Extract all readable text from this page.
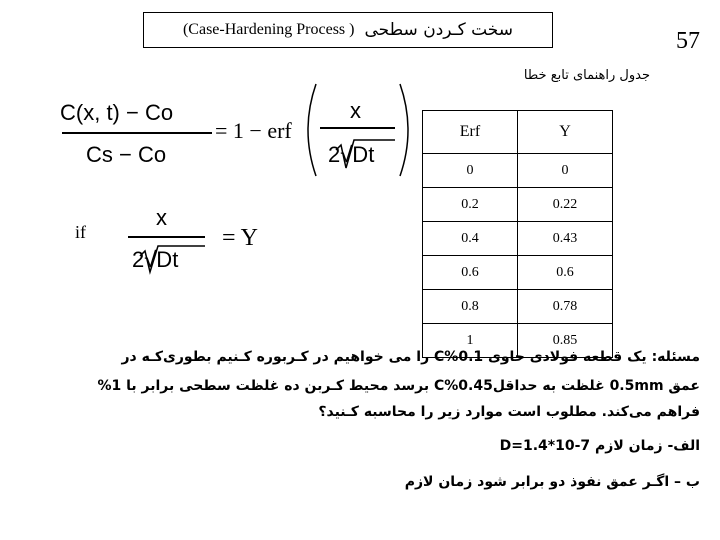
(Case-Hardening Process ) سخت کـردن سطحی	57
C(x, t) − Co
Cs − Co
= 1 − erf
x
2√Dt
if
x
2√Dt
= Y
جدول راهنمای تابع خطا
Erf	Y
0	0
0.2	0.22
0.4	0.43
0.6	0.6
0.8	0.78
1	0.85
مسئله: یک قطعه فولادی حاوی 0.1%C را می خواهیم در کـربوره کـنیم بطوری‌کـه در
عمق 0.5mm غلظت به حداقل0.45%C برسد محیط کـربن ده غلظت سطحی برابر با 1%
فراهم می‌کند. مطلوب است موارد زیر را محاسبه کـنید؟
الف- زمان لازم D=1.4*10-7
ب – اگـر عمق نفوذ دو برابر شود زمان لازم
